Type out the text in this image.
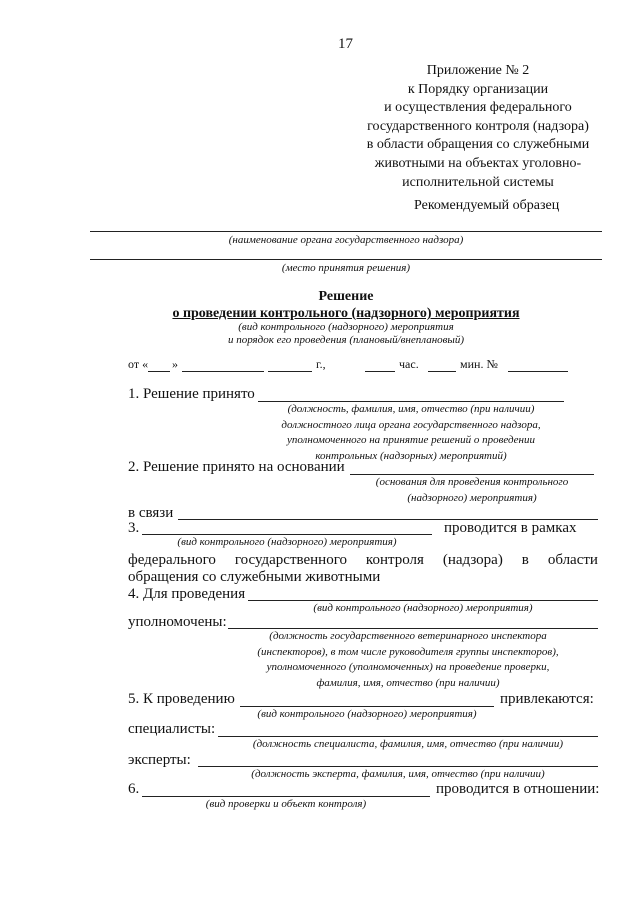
17
Приложение № 2
к Порядку организации
и осуществления федерального
государственного контроля (надзора)
в области обращения со служебными
животными на объектах уголовно-
исполнительной системы
Рекомендуемый образец
(наименование органа государственного надзора)
(место принятия решения)
Решение
о проведении контрольного (надзорного) мероприятия
(вид контрольного (надзорного) мероприятия
и порядок его проведения (плановый/внеплановый)
от « »	г.,	час.	мин. №
1. Решение принято
(должность, фамилия, имя, отчество (при наличии)
должностного лица органа государственного надзора,
уполномоченного на принятие решений о проведении
контрольных (надзорных) мероприятий)
2. Решение принято на основании
(основания для проведения контрольного
(надзорного) мероприятия)
в связи
3.	проводится в рамках
(вид контрольного (надзорного) мероприятия)
федерального государственного контроля (надзора) в области
обращения со служебными животными
4. Для проведения
(вид контрольного (надзорного) мероприятия)
уполномочены:
(должность государственного ветеринарного инспектора
(инспекторов), в том числе руководителя группы инспекторов),
уполномоченного (уполномоченных) на проведение проверки,
фамилия, имя, отчество (при наличии)
5. К проведению	привлекаются:
(вид контрольного (надзорного) мероприятия)
специалисты:
(должность специалиста, фамилия, имя, отчество (при наличии)
эксперты:
(должность эксперта, фамилия, имя, отчество (при наличии)
6.	проводится в отношении:
(вид проверки и объект контроля)
